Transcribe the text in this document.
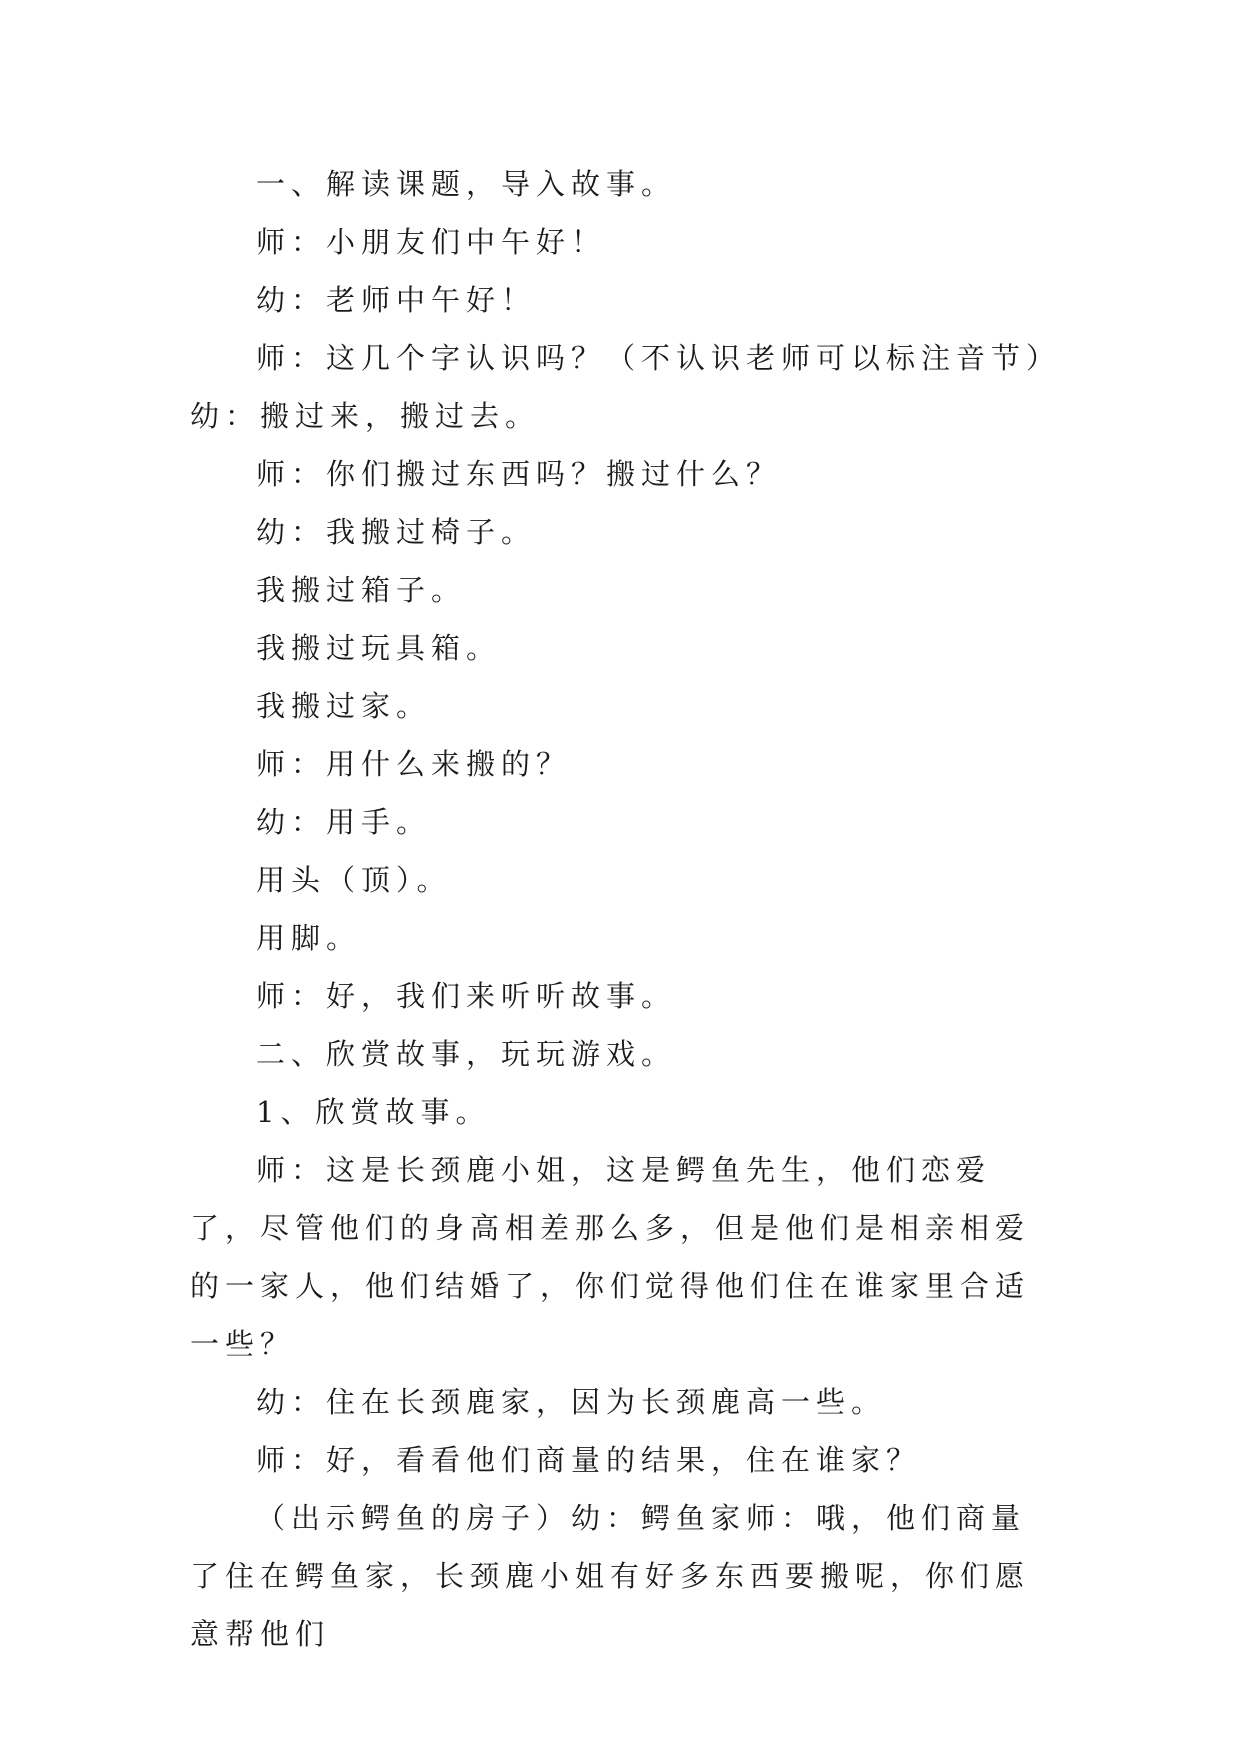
一、解读课题，导入故事。

师：小朋友们中午好！

幼：老师中午好！

师：这几个字认识吗？（不认识老师可以标注音节）幼：搬过来，搬过去。

师：你们搬过东西吗？搬过什么？

幼：我搬过椅子。

我搬过箱子。

我搬过玩具箱。

我搬过家。

师：用什么来搬的？

幼：用手。

用头（顶）。

用脚。

师：好，我们来听听故事。

二、欣赏故事，玩玩游戏。

1、欣赏故事。

师：这是长颈鹿小姐，这是鳄鱼先生，他们恋爱了，尽管他们的身高相差那么多，但是他们是相亲相爱的一家人，他们结婚了，你们觉得他们住在谁家里合适一些？

幼：住在长颈鹿家，因为长颈鹿高一些。

师：好，看看他们商量的结果，住在谁家？

（出示鳄鱼的房子）幼：鳄鱼家师：哦，他们商量了住在鳄鱼家，长颈鹿小姐有好多东西要搬呢，你们愿意帮他们
